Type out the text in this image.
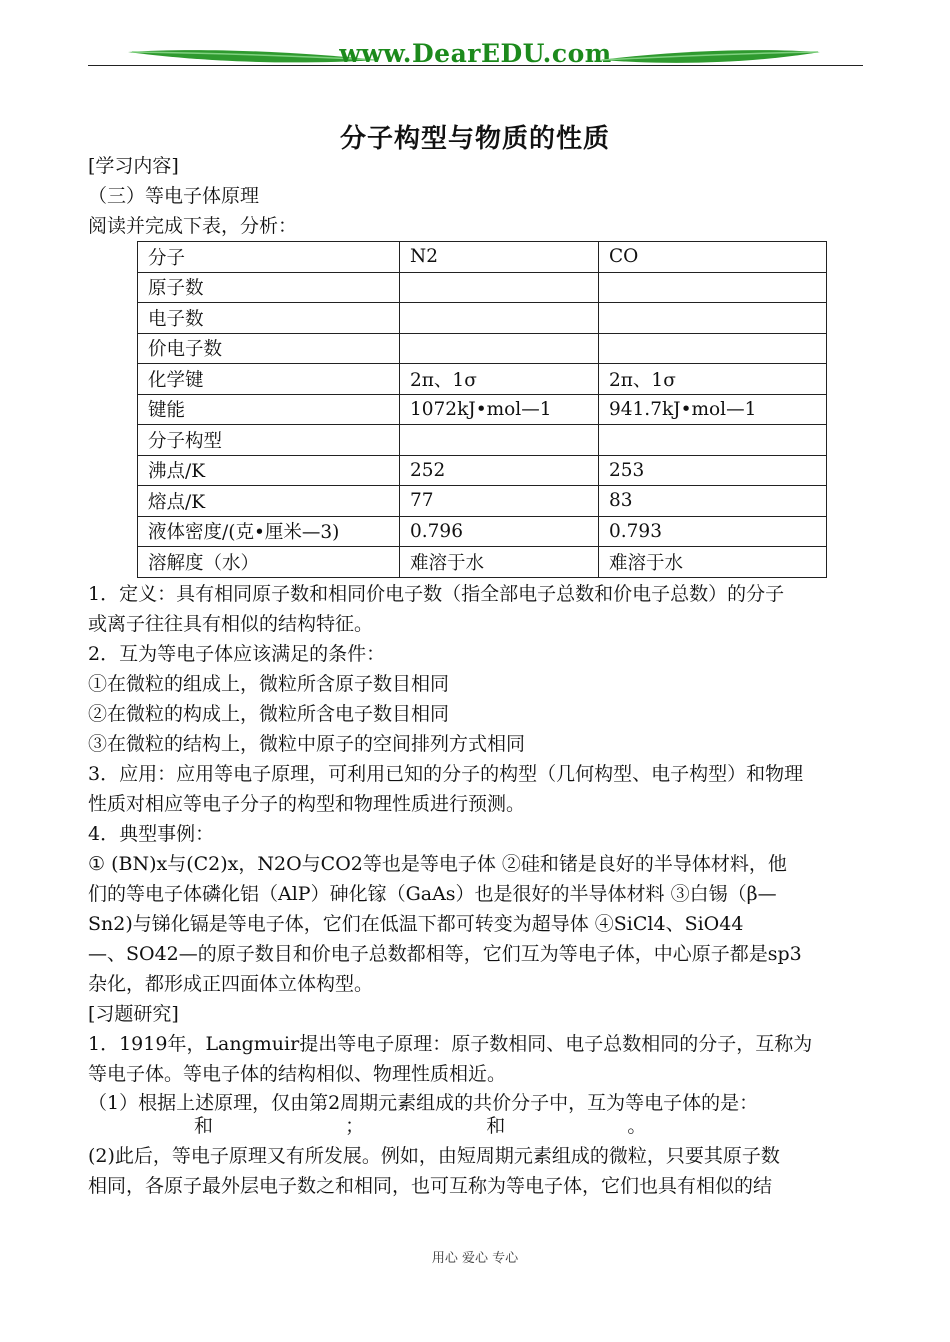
www.DearEDU.com
分子构型与物质的性质
[学习内容]
（三）等电子体原理
阅读并完成下表，分析：
分子	N2	CO
原子数		
电子数		
价电子数		
化学键	2π、1σ	2π、1σ
键能	1072kJ•mol—1	941.7kJ•mol—1
分子构型		
沸点/K	252	253
熔点/K	77	83
液体密度/(克•厘米—3)	0.796	0.793
溶解度（水）	难溶于水	难溶于水
1．定义：具有相同原子数和相同价电子数（指全部电子总数和价电子总数）的分子
或离子往往具有相似的结构特征。
2．互为等电子体应该满足的条件：
①在微粒的组成上，微粒所含原子数目相同
②在微粒的构成上，微粒所含电子数目相同
③在微粒的结构上，微粒中原子的空间排列方式相同
3．应用：应用等电子原理，可利用已知的分子的构型（几何构型、电子构型）和物理
性质对相应等电子分子的构型和物理性质进行预测。
4．典型事例：
① (BN)x与(C2)x，N2O与CO2等也是等电子体 ②硅和锗是良好的半导体材料，他
们的等电子体磷化铝（AlP）砷化镓（GaAs）也是很好的半导体材料 ③白锡（β—
Sn2)与锑化镉是等电子体，它们在低温下都可转变为超导体 ④SiCl4、SiO44
—、SO42—的原子数目和价电子总数都相等，它们互为等电子体，中心原子都是sp3
杂化，都形成正四面体立体构型。
[习题研究]
1．1919年，Langmuir提出等电子原理：原子数相同、电子总数相同的分子，互称为
等电子体。等电子体的结构相似、物理性质相近。
（1）根据上述原理，仅由第2周期元素组成的共价分子中，互为等电子体的是：
和	；	和	。
(2)此后，等电子原理又有所发展。例如，由短周期元素组成的微粒，只要其原子数
相同，各原子最外层电子数之和相同，也可互称为等电子体，它们也具有相似的结
用心 爱心 专心
